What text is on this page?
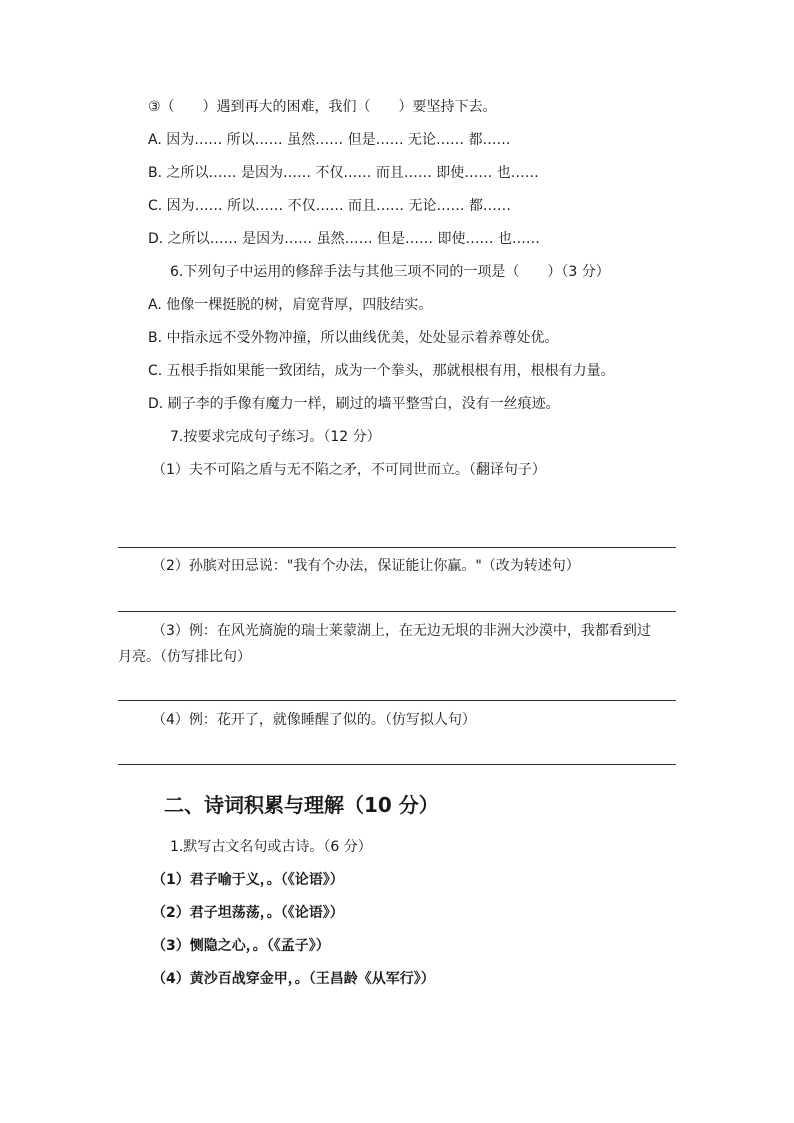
③（　　）遇到再大的困难，我们（　　）要坚持下去。
A. 因为…… 所以…… 虽然…… 但是…… 无论…… 都……
B. 之所以…… 是因为…… 不仅…… 而且…… 即使…… 也……
C. 因为…… 所以…… 不仅…… 而且…… 无论…… 都……
D. 之所以…… 是因为…… 虽然…… 但是…… 即使…… 也……
6.下列句子中运用的修辞手法与其他三项不同的一项是（　　）（3 分）
A. 他像一棵挺脱的树，肩宽背厚，四肢结实。
B. 中指永远不受外物冲撞，所以曲线优美，处处显示着养尊处优。
C. 五根手指如果能一致团结，成为一个拳头，那就根根有用，根根有力量。
D. 刷子李的手像有魔力一样，刷过的墙平整雪白，没有一丝痕迹。
7.按要求完成句子练习。（12 分）
（1）夫不可陷之盾与无不陷之矛，不可同世而立。（翻译句子）
（2）孙膑对田忌说："我有个办法，保证能让你赢。"（改为转述句）
（3）例：在风光旖旎的瑞士莱蒙湖上，在无边无垠的非洲大沙漠中，我都看到过
月亮。（仿写排比句）
（4）例：花开了，就像睡醒了似的。（仿写拟人句）
二、诗词积累与理解（10 分）
1.默写古文名句或古诗。（6 分）
（1）君子喻于义，。（《论语》）
（2）君子坦荡荡，。（《论语》）
（3）恻隐之心，。（《孟子》）
（4）黄沙百战穿金甲，。（王昌龄《从军行》）
